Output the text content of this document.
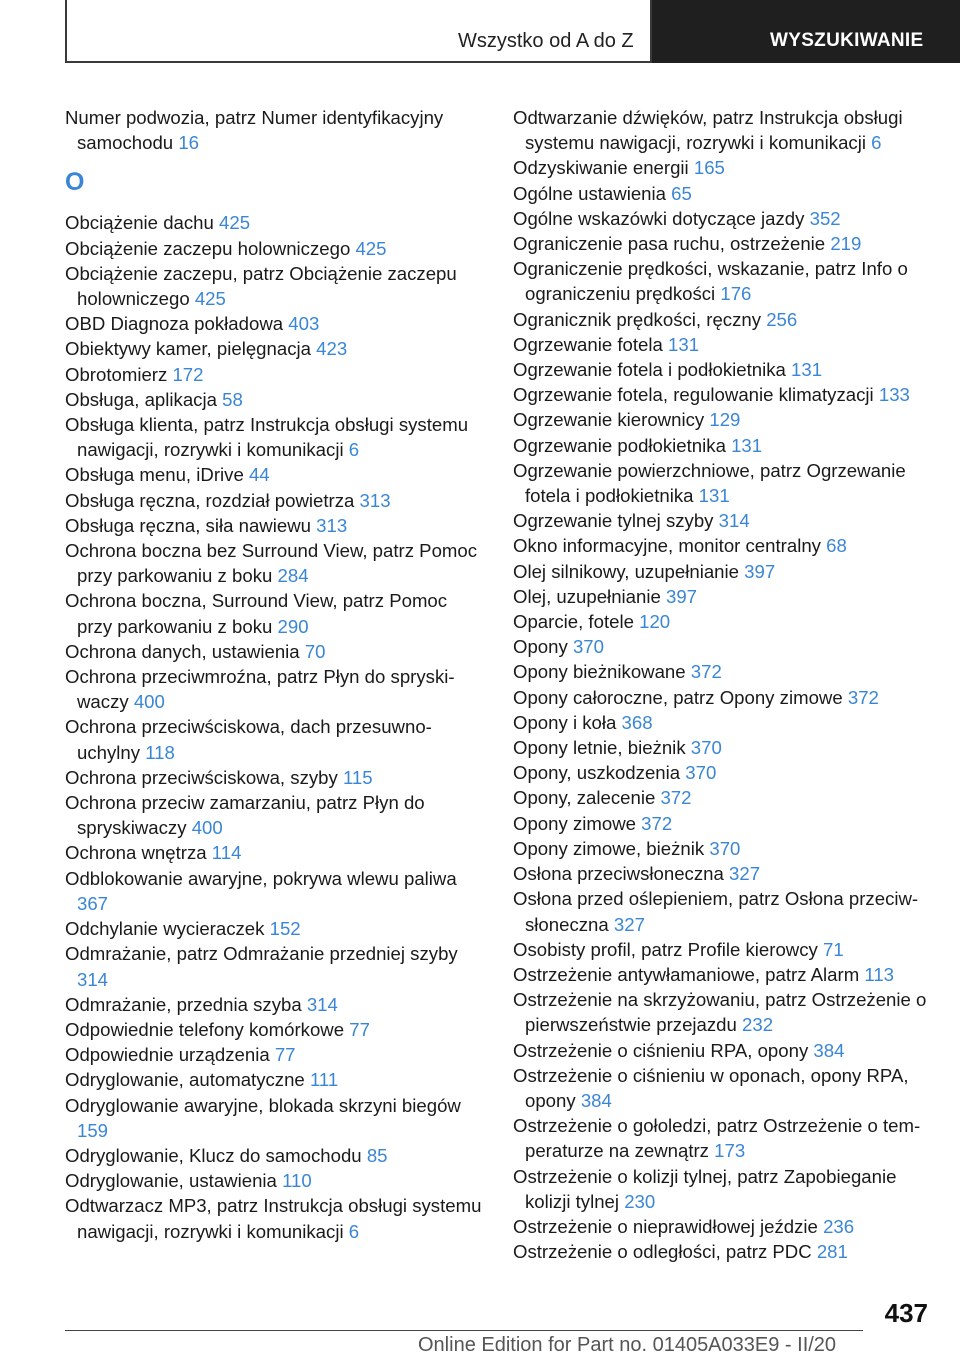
Wszystko od A do Z	WYSZUKIWANIE

Numer podwozia, patrz Numer identyfikacyjny samochodu 16

O

Obciążenie dachu 425

Obciążenie zaczepu holowniczego 425

Obciążenie zaczepu, patrz Obciążenie zaczepu holowniczego 425

OBD Diagnoza pokładowa 403

Obiektywy kamer, pielęgnacja 423

Obrotomierz 172

Obsługa, aplikacja 58

Obsługa klienta, patrz Instrukcja obsługi systemu nawigacji, rozrywki i komunikacji 6

Obsługa menu, iDrive 44

Obsługa ręczna, rozdział powietrza 313

Obsługa ręczna, siła nawiewu 313

Ochrona boczna bez Surround View, patrz Pomoc przy parkowaniu z boku 284

Ochrona boczna, Surround View, patrz Pomoc przy parkowaniu z boku 290

Ochrona danych, ustawienia 70

Ochrona przeciwmroźna, patrz Płyn do spryskiwaczy 400

Ochrona przeciwściskowa, dach przesuwnouchylny 118

Ochrona przeciwściskowa, szyby 115

Ochrona przeciw zamarzaniu, patrz Płyn do spryskiwaczy 400

Ochrona wnętrza 114

Odblokowanie awaryjne, pokrywa wlewu paliwa 367

Odchylanie wycieraczek 152

Odmrażanie, patrz Odmrażanie przedniej szyby 314

Odmrażanie, przednia szyba 314

Odpowiednie telefony komórkowe 77

Odpowiednie urządzenia 77

Odryglowanie, automatyczne 111

Odryglowanie awaryjne, blokada skrzyni biegów 159

Odryglowanie, Klucz do samochodu 85

Odryglowanie, ustawienia 110

Odtwarzacz MP3, patrz Instrukcja obsługi systemu nawigacji, rozrywki i komunikacji 6

Odtwarzanie dźwięków, patrz Instrukcja obsługi systemu nawigacji, rozrywki i komunikacji 6

Odzyskiwanie energii 165

Ogólne ustawienia 65

Ogólne wskazówki dotyczące jazdy 352

Ograniczenie pasa ruchu, ostrzeżenie 219

Ograniczenie prędkości, wskazanie, patrz Info o ograniczeniu prędkości 176

Ogranicznik prędkości, ręczny 256

Ogrzewanie fotela 131

Ogrzewanie fotela i podłokietnika 131

Ogrzewanie fotela, regulowanie klimatyzacji 133

Ogrzewanie kierownicy 129

Ogrzewanie podłokietnika 131

Ogrzewanie powierzchniowe, patrz Ogrzewanie fotela i podłokietnika 131

Ogrzewanie tylnej szyby 314

Okno informacyjne, monitor centralny 68

Olej silnikowy, uzupełnianie 397

Olej, uzupełnianie 397

Oparcie, fotele 120

Opony 370

Opony bieżnikowane 372

Opony całoroczne, patrz Opony zimowe 372

Opony i koła 368

Opony letnie, bieżnik 370

Opony, uszkodzenia 370

Opony, zalecenie 372

Opony zimowe 372

Opony zimowe, bieżnik 370

Osłona przeciwsłoneczna 327

Osłona przed oślepieniem, patrz Osłona przeciwsłoneczna 327

Osobisty profil, patrz Profile kierowcy 71

Ostrzeżenie antywłamaniowe, patrz Alarm 113

Ostrzeżenie na skrzyżowaniu, patrz Ostrzeżenie o pierwszeństwie przejazdu 232

Ostrzeżenie o ciśnieniu RPA, opony 384

Ostrzeżenie o ciśnieniu w oponach, opony RPA, opony 384

Ostrzeżenie o gołoledzi, patrz Ostrzeżenie o temperaturze na zewnątrz 173

Ostrzeżenie o kolizji tylnej, patrz Zapobieganie kolizji tylnej 230

Ostrzeżenie o nieprawidłowej jeździe 236

Ostrzeżenie o odległości, patrz PDC 281

437
Online Edition for Part no. 01405A033E9 - II/20
